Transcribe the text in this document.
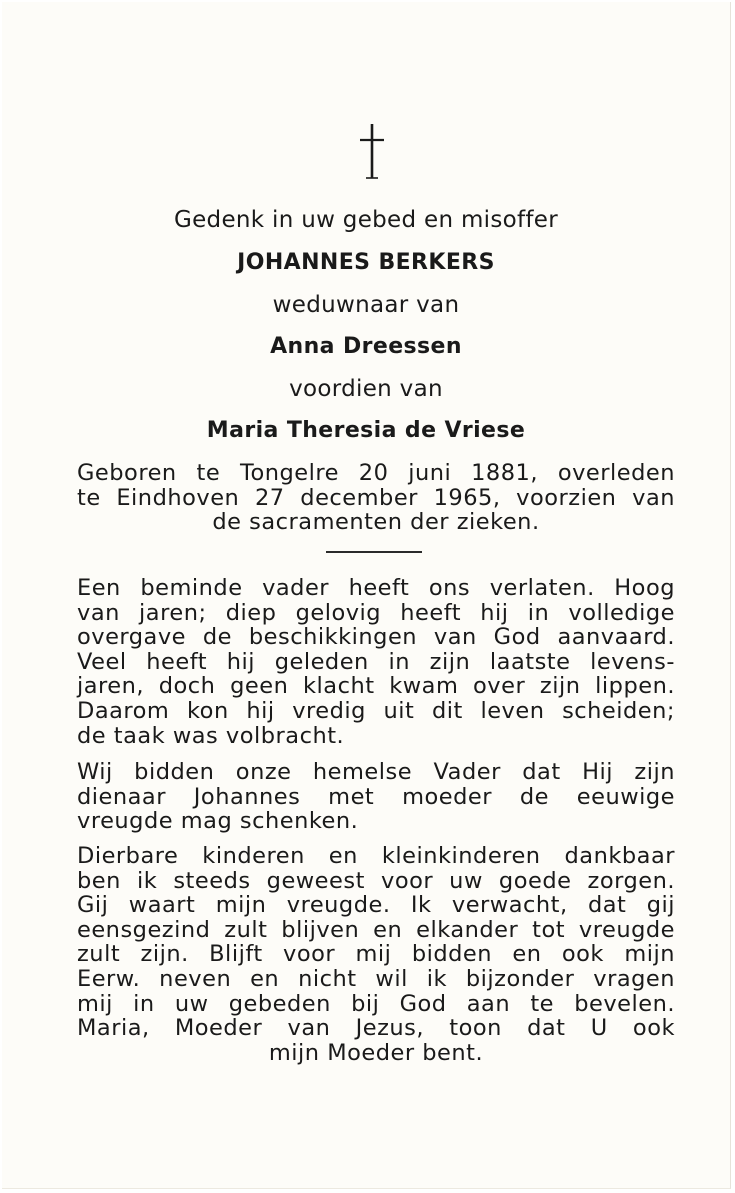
Gedenk in uw gebed en misoffer
JOHANNES BERKERS
weduwnaar van
Anna Dreessen
voordien van
Maria Theresia de Vriese
Geboren te Tongelre 20 juni 1881, overleden
te Eindhoven 27 december 1965, voorzien van
de sacramenten der zieken.
Een beminde vader heeft ons verlaten. Hoog
van jaren; diep gelovig heeft hij in volledige
overgave de beschikkingen van God aanvaard.
Veel heeft hij geleden in zijn laatste levens-
jaren, doch geen klacht kwam over zijn lippen.
Daarom kon hij vredig uit dit leven scheiden;
de taak was volbracht.
Wij bidden onze hemelse Vader dat Hij zijn
dienaar Johannes met moeder de eeuwige
vreugde mag schenken.
Dierbare kinderen en kleinkinderen dankbaar
ben ik steeds geweest voor uw goede zorgen.
Gij waart mijn vreugde. Ik verwacht, dat gij
eensgezind zult blijven en elkander tot vreugde
zult zijn. Blijft voor mij bidden en ook mijn
Eerw. neven en nicht wil ik bijzonder vragen
mij in uw gebeden bij God aan te bevelen.
Maria, Moeder van Jezus, toon dat U ook
mijn Moeder bent.
